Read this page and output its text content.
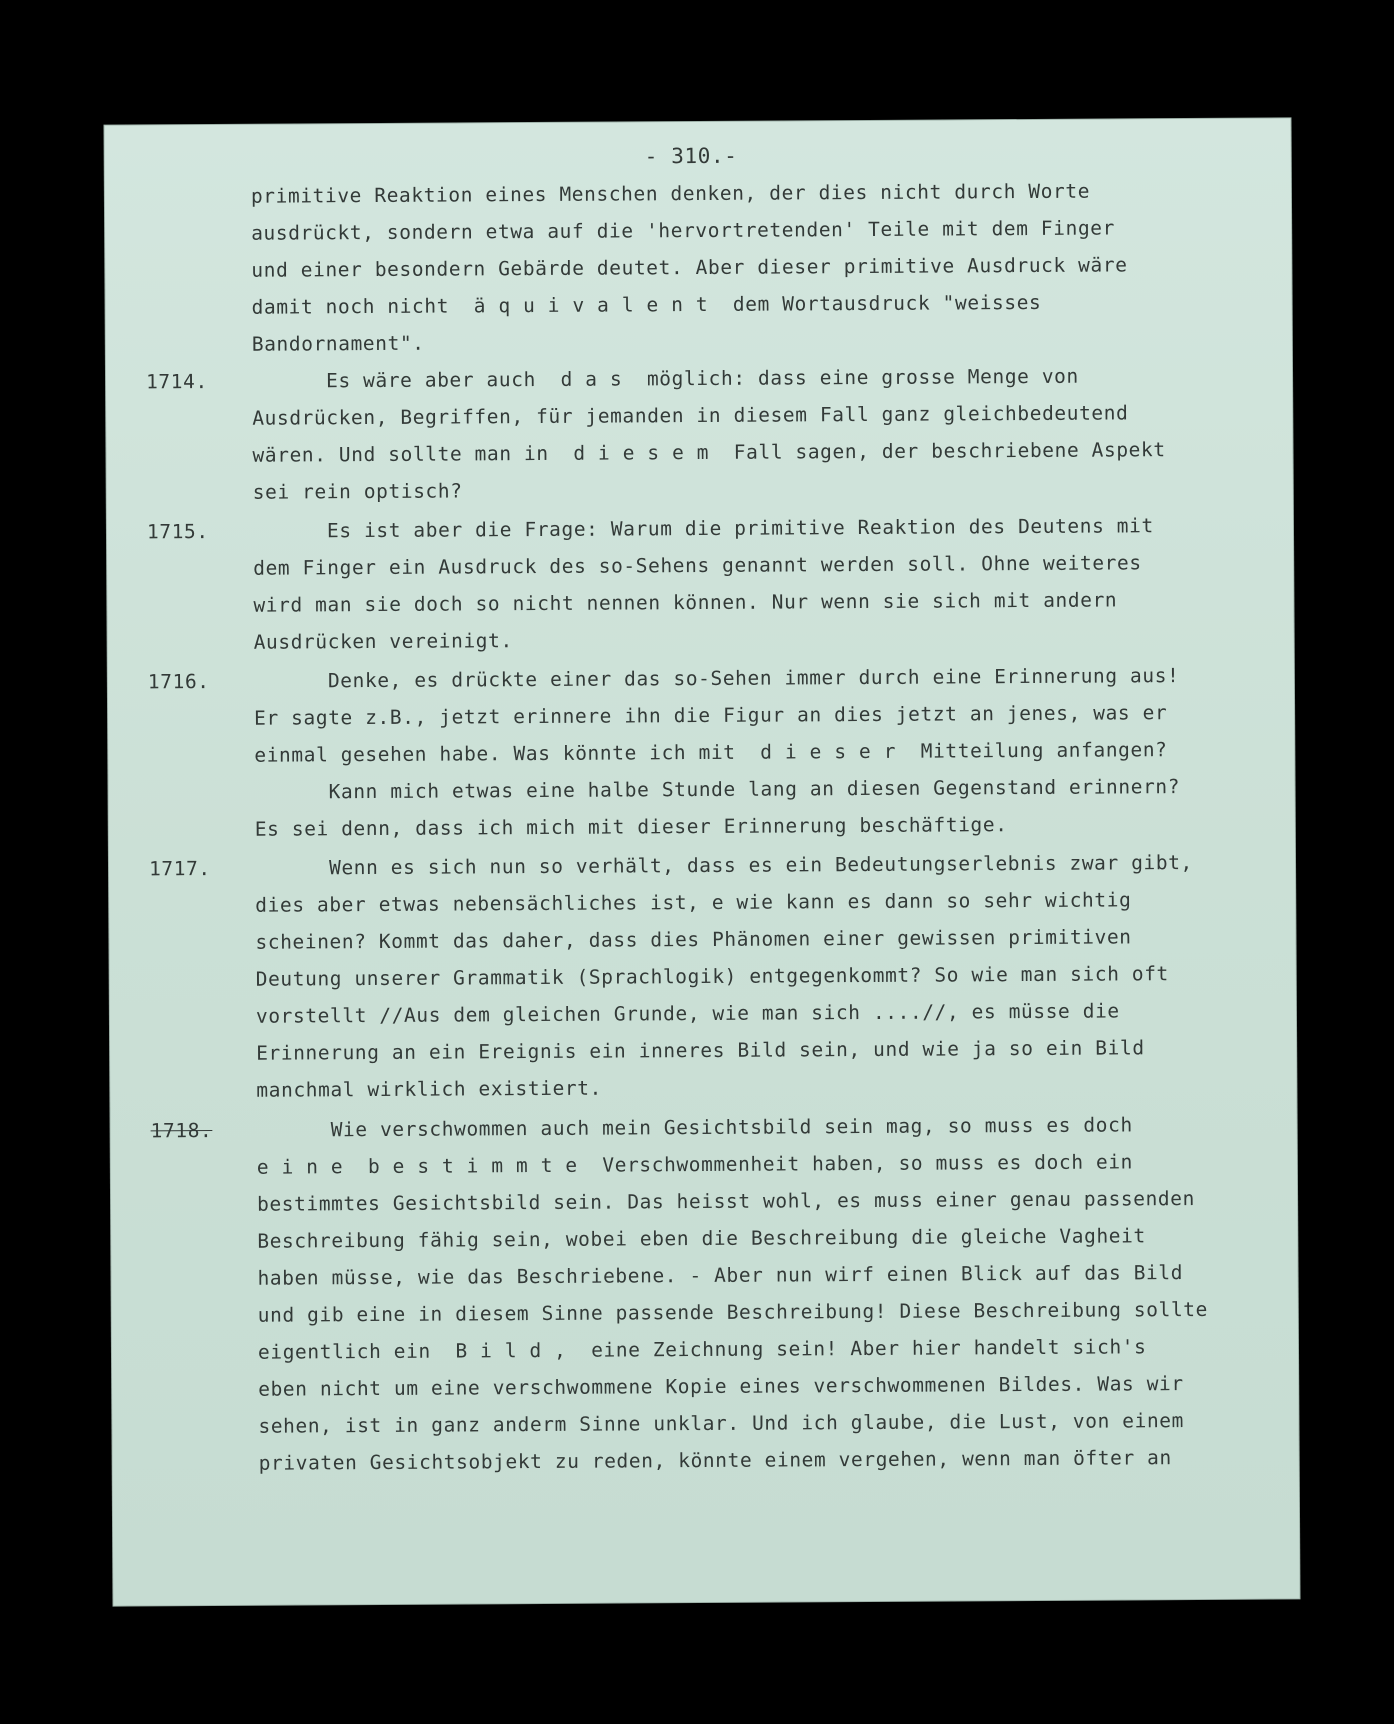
- 310.-
primitive Reaktion eines Menschen denken, der dies nicht durch Worte
ausdrückt, sondern etwa auf die 'hervortretenden' Teile mit dem Finger
und einer besondern Gebärde deutet. Aber dieser primitive Ausdruck wäre
damit noch nicht  ä q u i v a l e n t  dem Wortausdruck "weisses
Bandornament".
1714. Es wäre aber auch  d a s  möglich: dass eine grosse Menge von
Ausdrücken, Begriffen, für jemanden in diesem Fall ganz gleichbedeutend
wären. Und sollte man in  d i e s e m  Fall sagen, der beschriebene Aspekt
sei rein optisch?
1715. Es ist aber die Frage: Warum die primitive Reaktion des Deutens mit
dem Finger ein Ausdruck des so-Sehens genannt werden soll. Ohne weiteres
wird man sie doch so nicht nennen können. Nur wenn sie sich mit andern
Ausdrücken vereinigt.
1716. Denke, es drückte einer das so-Sehen immer durch eine Erinnerung aus!
Er sagte z.B., jetzt erinnere ihn die Figur an dies jetzt an jenes, was er
einmal gesehen habe. Was könnte ich mit  d i e s e r  Mitteilung anfangen?
Kann mich etwas eine halbe Stunde lang an diesen Gegenstand erinnern?
Es sei denn, dass ich mich mit dieser Erinnerung beschäftige.
1717. Wenn es sich nun so verhält, dass es ein Bedeutungserlebnis zwar gibt,
dies aber etwas nebensächliches ist, e wie kann es dann so sehr wichtig
scheinen? Kommt das daher, dass dies Phänomen einer gewissen primitiven
Deutung unserer Grammatik (Sprachlogik) entgegenkommt? So wie man sich oft
vorstellt //Aus dem gleichen Grunde, wie man sich ....//, es müsse die
Erinnerung an ein Ereignis ein inneres Bild sein, und wie ja so ein Bild
manchmal wirklich existiert.
1718. Wie verschwommen auch mein Gesichtsbild sein mag, so muss es doch
e i n e  b e s t i m m t e  Verschwommenheit haben, so muss es doch ein
bestimmtes Gesichtsbild sein. Das heisst wohl, es muss einer genau passenden
Beschreibung fähig sein, wobei eben die Beschreibung die gleiche Vagheit
haben müsse, wie das Beschriebene. - Aber nun wirf einen Blick auf das Bild
und gib eine in diesem Sinne passende Beschreibung! Diese Beschreibung sollte
eigentlich ein  B i l d ,  eine Zeichnung sein! Aber hier handelt sich's
eben nicht um eine verschwommene Kopie eines verschwommenen Bildes. Was wir
sehen, ist in ganz anderm Sinne unklar. Und ich glaube, die Lust, von einem
privaten Gesichtsobjekt zu reden, könnte einem vergehen, wenn man öfter an
